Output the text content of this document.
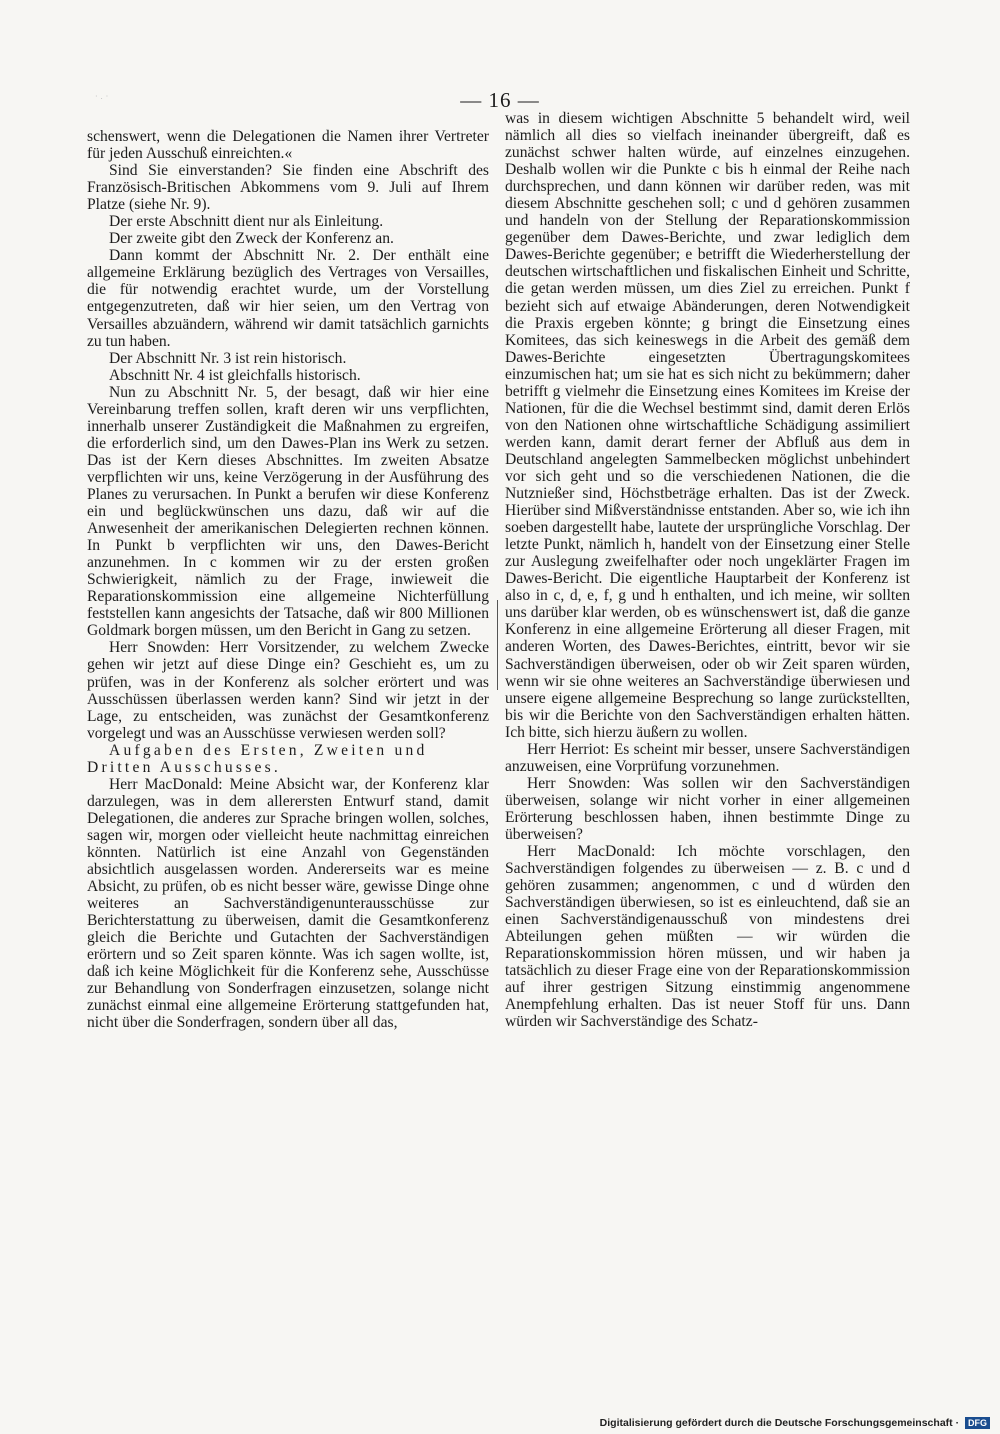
·.·	— 16 —

schenswert, wenn die Delegationen die Namen ihrer Vertreter für jeden Ausschuß einreichten.«

Sind Sie einverstanden? Sie finden eine Abschrift des Französisch-Britischen Abkommens vom 9. Juli auf Ihrem Platze (siehe Nr. 9).

Der erste Abschnitt dient nur als Einleitung.

Der zweite gibt den Zweck der Konferenz an.

Dann kommt der Abschnitt Nr. 2. Der enthält eine allgemeine Erklärung bezüglich des Vertrages von Versailles, die für notwendig erachtet wurde, um der Vorstellung entgegenzutreten, daß wir hier seien, um den Vertrag von Versailles abzuändern, während wir damit tatsächlich garnichts zu tun haben.

Der Abschnitt Nr. 3 ist rein historisch.

Abschnitt Nr. 4 ist gleichfalls historisch.

Nun zu Abschnitt Nr. 5, der besagt, daß wir hier eine Vereinbarung treffen sollen, kraft deren wir uns verpflichten, innerhalb unserer Zuständigkeit die Maßnahmen zu ergreifen, die erforderlich sind, um den Dawes-Plan ins Werk zu setzen. Das ist der Kern dieses Abschnittes. Im zweiten Absatze verpflichten wir uns, keine Verzögerung in der Ausführung des Planes zu verursachen. In Punkt a berufen wir diese Konferenz ein und beglückwünschen uns dazu, daß wir auf die Anwesenheit der amerikanischen Delegierten rechnen können. In Punkt b verpflichten wir uns, den Dawes-Bericht anzunehmen. In c kommen wir zu der ersten großen Schwierigkeit, nämlich zu der Frage, inwieweit die Reparationskommission eine allgemeine Nichterfüllung feststellen kann angesichts der Tatsache, daß wir 800 Millionen Goldmark borgen müssen, um den Bericht in Gang zu setzen.

Herr Snowden: Herr Vorsitzender, zu welchem Zwecke gehen wir jetzt auf diese Dinge ein? Geschieht es, um zu prüfen, was in der Konferenz als solcher erörtert und was Ausschüssen überlassen werden kann? Sind wir jetzt in der Lage, zu entscheiden, was zunächst der Gesamtkonferenz vorgelegt und was an Ausschüsse verwiesen werden soll?

Aufgaben des Ersten, Zweiten und Dritten Ausschusses.

Herr MacDonald: Meine Absicht war, der Konferenz klar darzulegen, was in dem allerersten Entwurf stand, damit Delegationen, die anderes zur Sprache bringen wollen, solches, sagen wir, morgen oder vielleicht heute nachmittag einreichen könnten. Natürlich ist eine Anzahl von Gegenständen absichtlich ausgelassen worden. Andererseits war es meine Absicht, zu prüfen, ob es nicht besser wäre, gewisse Dinge ohne weiteres an Sachverständigenunterausschüsse zur Berichterstattung zu überweisen, damit die Gesamtkonferenz gleich die Berichte und Gutachten der Sachverständigen erörtern und so Zeit sparen könnte. Was ich sagen wollte, ist, daß ich keine Möglichkeit für die Konferenz sehe, Ausschüsse zur Behandlung von Sonderfragen einzusetzen, solange nicht zunächst einmal eine allgemeine Erörterung stattgefunden hat, nicht über die Sonderfragen, sondern über all das,

was in diesem wichtigen Abschnitte 5 behandelt wird, weil nämlich all dies so vielfach ineinander übergreift, daß es zunächst schwer halten würde, auf einzelnes einzugehen. Deshalb wollen wir die Punkte c bis h einmal der Reihe nach durchsprechen, und dann können wir darüber reden, was mit diesem Abschnitte geschehen soll; c und d gehören zusammen und handeln von der Stellung der Reparationskommission gegenüber dem Dawes-Berichte, und zwar lediglich dem Dawes-Berichte gegenüber; e betrifft die Wiederherstellung der deutschen wirtschaftlichen und fiskalischen Einheit und Schritte, die getan werden müssen, um dies Ziel zu erreichen. Punkt f bezieht sich auf etwaige Abänderungen, deren Notwendigkeit die Praxis ergeben könnte; g bringt die Einsetzung eines Komitees, das sich keineswegs in die Arbeit des gemäß dem Dawes-Berichte eingesetzten Übertragungskomitees einzumischen hat; um sie hat es sich nicht zu bekümmern; daher betrifft g vielmehr die Einsetzung eines Komitees im Kreise der Nationen, für die die Wechsel bestimmt sind, damit deren Erlös von den Nationen ohne wirtschaftliche Schädigung assimiliert werden kann, damit derart ferner der Abfluß aus dem in Deutschland angelegten Sammelbecken möglichst unbehindert vor sich geht und so die verschiedenen Nationen, die die Nutznießer sind, Höchstbeträge erhalten. Das ist der Zweck. Hierüber sind Mißverständnisse entstanden. Aber so, wie ich ihn soeben dargestellt habe, lautete der ursprüngliche Vorschlag. Der letzte Punkt, nämlich h, handelt von der Einsetzung einer Stelle zur Auslegung zweifelhafter oder noch ungeklärter Fragen im Dawes-Bericht. Die eigentliche Hauptarbeit der Konferenz ist also in c, d, e, f, g und h enthalten, und ich meine, wir sollten uns darüber klar werden, ob es wünschenswert ist, daß die ganze Konferenz in eine allgemeine Erörterung all dieser Fragen, mit anderen Worten, des Dawes-Berichtes, eintritt, bevor wir sie Sachverständigen überweisen, oder ob wir Zeit sparen würden, wenn wir sie ohne weiteres an Sachverständige überwiesen und unsere eigene allgemeine Besprechung so lange zurückstellten, bis wir die Berichte von den Sachverständigen erhalten hätten. Ich bitte, sich hierzu äußern zu wollen.

Herr Herriot: Es scheint mir besser, unsere Sachverständigen anzuweisen, eine Vorprüfung vorzunehmen.

Herr Snowden: Was sollen wir den Sachverständigen überweisen, solange wir nicht vorher in einer allgemeinen Erörterung beschlossen haben, ihnen bestimmte Dinge zu überweisen?

Herr MacDonald: Ich möchte vorschlagen, den Sachverständigen folgendes zu überweisen — z. B. c und d gehören zusammen; angenommen, c und d würden den Sachverständigen überwiesen, so ist es einleuchtend, daß sie an einen Sachverständigenausschuß von mindestens drei Abteilungen gehen müßten — wir würden die Reparationskommission hören müssen, und wir haben ja tatsächlich zu dieser Frage eine von der Reparationskommission auf ihrer gestrigen Sitzung einstimmig angenommene Anempfehlung erhalten. Das ist neuer Stoff für uns. Dann würden wir Sachverständige des Schatz-

Digitalisierung gefördert durch die Deutsche Forschungsgemeinschaft · DFG
